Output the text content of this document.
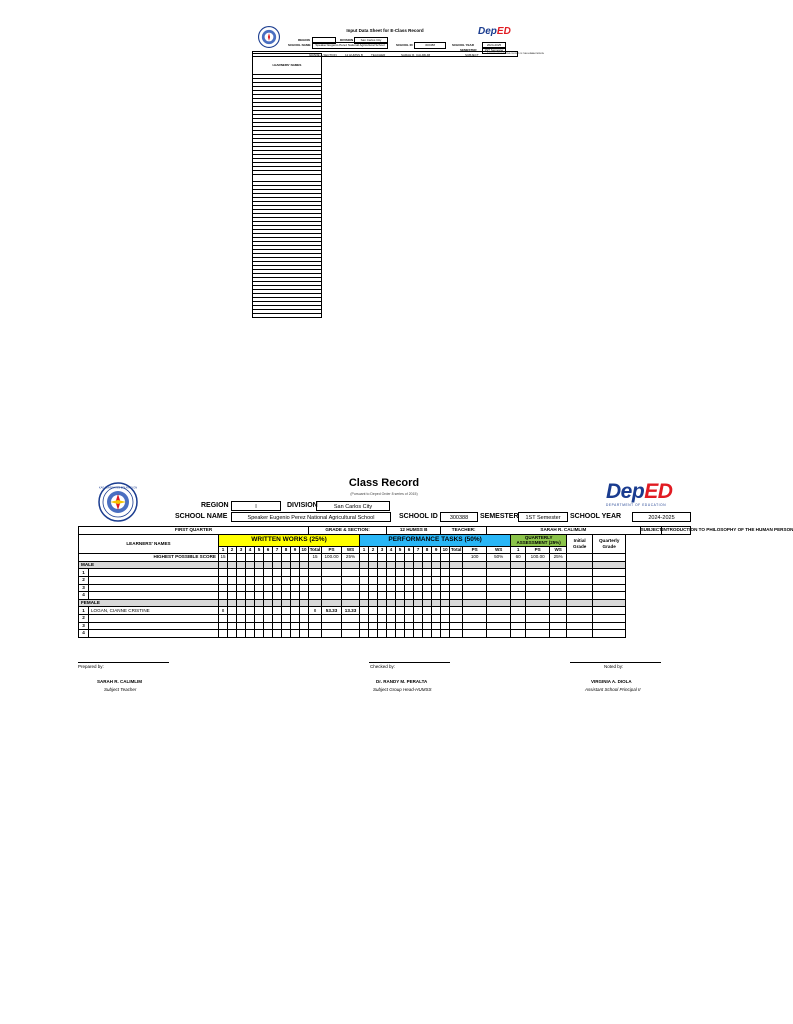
Input Data Sheet for E-Class Record
REGION	DIVISION	San Carlos City
SCHOOL NAME	Speaker Eugenio Perez National Agricultural School	SCHOOL ID	300388	SCHOOL YEAR	2024-2025
SEMESTER	1ST Semester
DepED
GRADE & SECTION	12 HUMSS B	TEACHER	SARAH R. CALIMLIM	SUBJECT	INTRODUCTION TO PHILOSOPHY OF THE HUMAN PERSON
LEARNERS' NAMES
KAGAWARAN NG EDUKASYON	Class Record
(Pursuant to Deped Order 8 series of 2015)	DepED
DEPARTMENT OF EDUCATION
REGION	I	DIVISION	San Carlos City
SCHOOL NAME	Speaker Eugenio Perez National Agricultural School	SCHOOL ID	300388	SEMESTER	1ST Semester	SCHOOL YEAR	2024-2025
FIRST QUARTER												GRADE & SECTION:						12 HUMSS B						TEACHER:			SARAH R. CALIMLIM						SUBJECT:	INTRODUCTION TO PHILOSOPHY OF THE HUMAN PERSON
LEARNERS' NAMES		WRITTEN WORKS (25%)													PERFORMANCE TASKS (50%)													QUARTERLY ASSESSMENT (25%)			Initial Grade	Quarterly Grade		
		1	2	3	4	5	6	7	8	9	10	Total	PS	WS	1	2	3	4	5	6	7	8	9	10	Total	PS	WS	1	PS	WS				
HIGHEST POSSIBLE SCORE		15										15	100.00	25%												100	50%	60	100.00	25%				
MALE																																		
1																																		
2																																		
3																																		
4																																		
FEMALE																																		
1	LOGAN, CIANNE CRISTINE	8										8	53.33	13.33																				
2																																		
3																																		
4																																		
Prepared by:
SARAH R. CALIMLIM
Subject Teacher
Checked by:
Dr. RANDY M. PERALTA
Subject Group Head-HUMSS
Noted by:
VIRGINIA A. DIOLA
Assistant School Principal II
